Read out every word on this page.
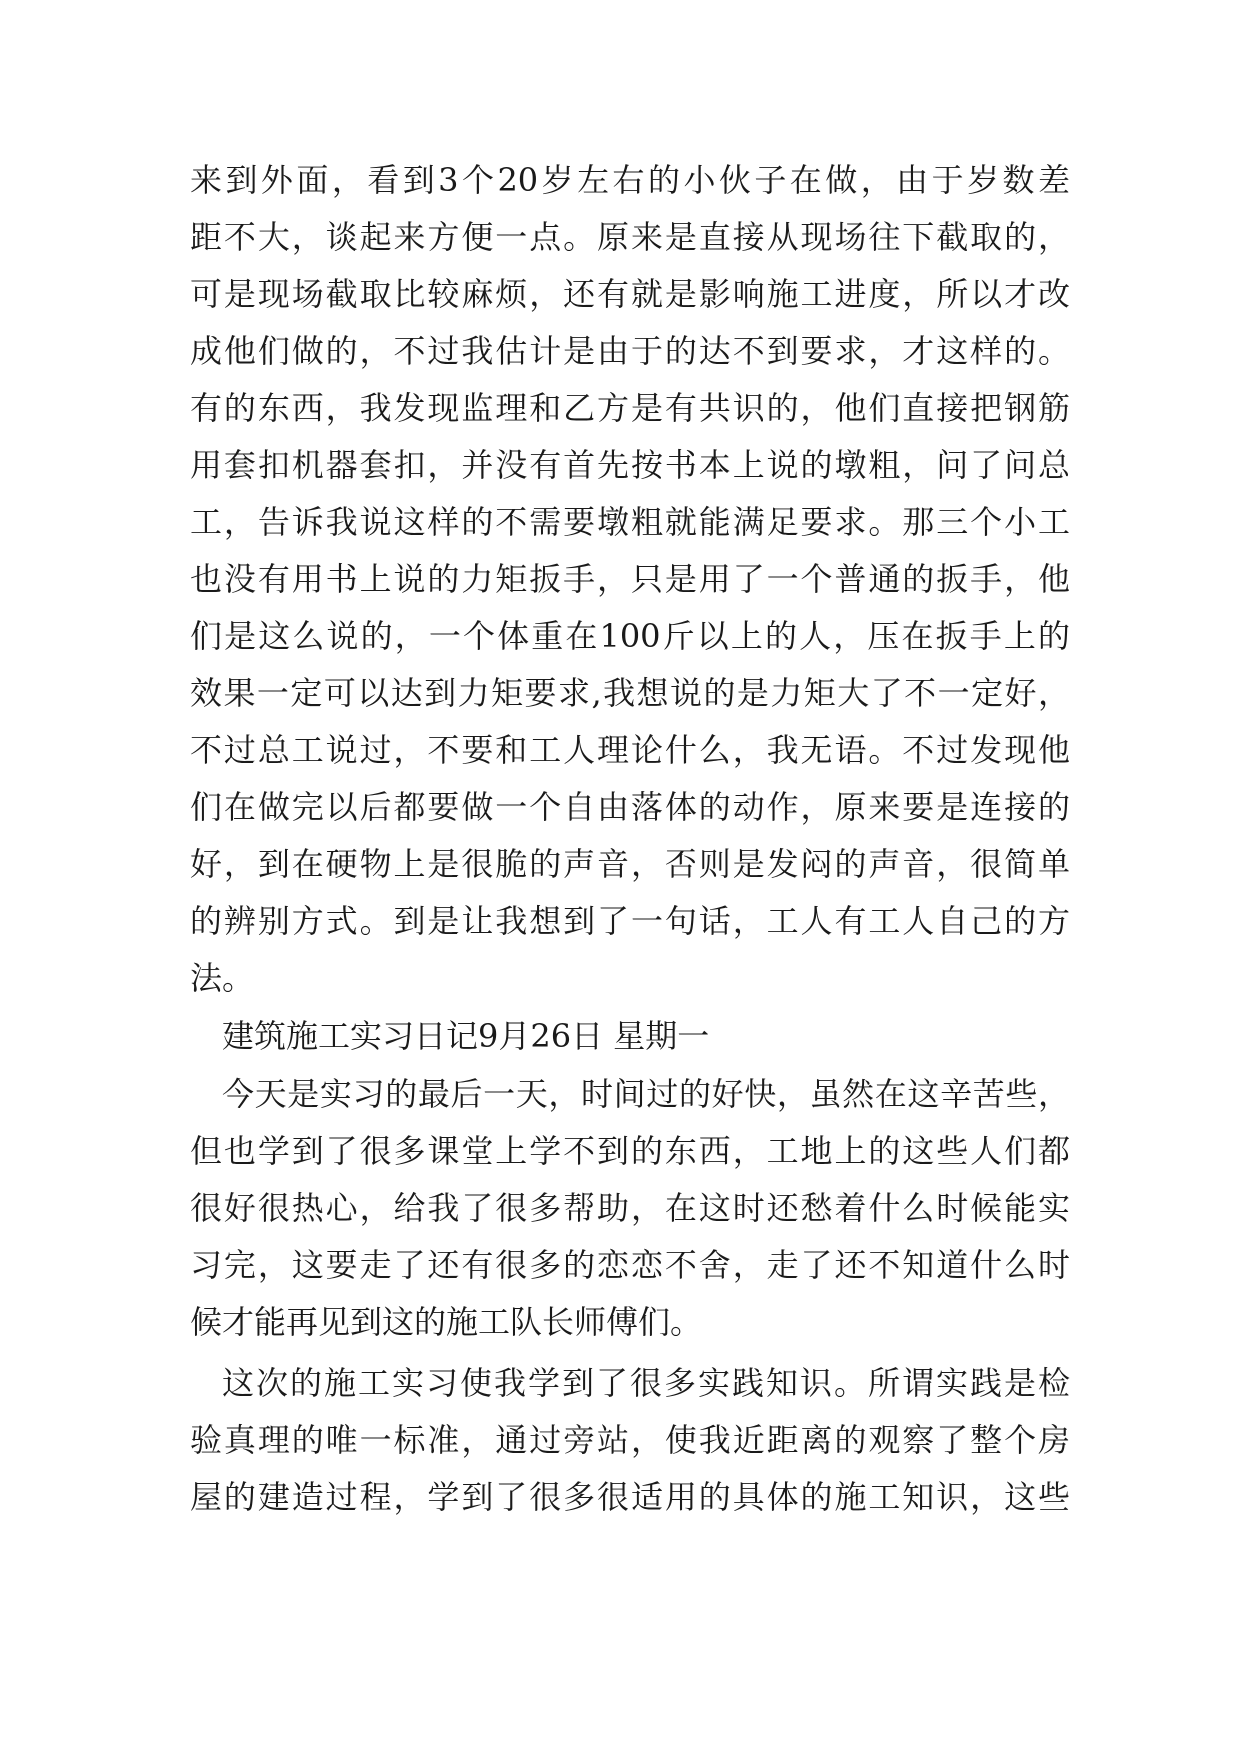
来到外面，看到3个20岁左右的小伙子在做，由于岁数差
距不大，谈起来方便一点。原来是直接从现场往下截取的，
可是现场截取比较麻烦，还有就是影响施工进度，所以才改
成他们做的，不过我估计是由于的达不到要求，才这样的。
有的东西，我发现监理和乙方是有共识的，他们直接把钢筋
用套扣机器套扣，并没有首先按书本上说的墩粗，问了问总
工，告诉我说这样的不需要墩粗就能满足要求。那三个小工
也没有用书上说的力矩扳手，只是用了一个普通的扳手，他
们是这么说的，一个体重在100斤以上的人，压在扳手上的
效果一定可以达到力矩要求,我想说的是力矩大了不一定好，
不过总工说过，不要和工人理论什么，我无语。不过发现他
们在做完以后都要做一个自由落体的动作，原来要是连接的
好，到在硬物上是很脆的声音，否则是发闷的声音，很简单
的辨别方式。到是让我想到了一句话，工人有工人自己的方
法。
建筑施工实习日记9月26日 星期一
今天是实习的最后一天，时间过的好快，虽然在这辛苦些，
但也学到了很多课堂上学不到的东西，工地上的这些人们都
很好很热心，给我了很多帮助，在这时还愁着什么时候能实
习完，这要走了还有很多的恋恋不舍，走了还不知道什么时
候才能再见到这的施工队长师傅们。
这次的施工实习使我学到了很多实践知识。所谓实践是检
验真理的唯一标准，通过旁站，使我近距离的观察了整个房
屋的建造过程，学到了很多很适用的具体的施工知识，这些
